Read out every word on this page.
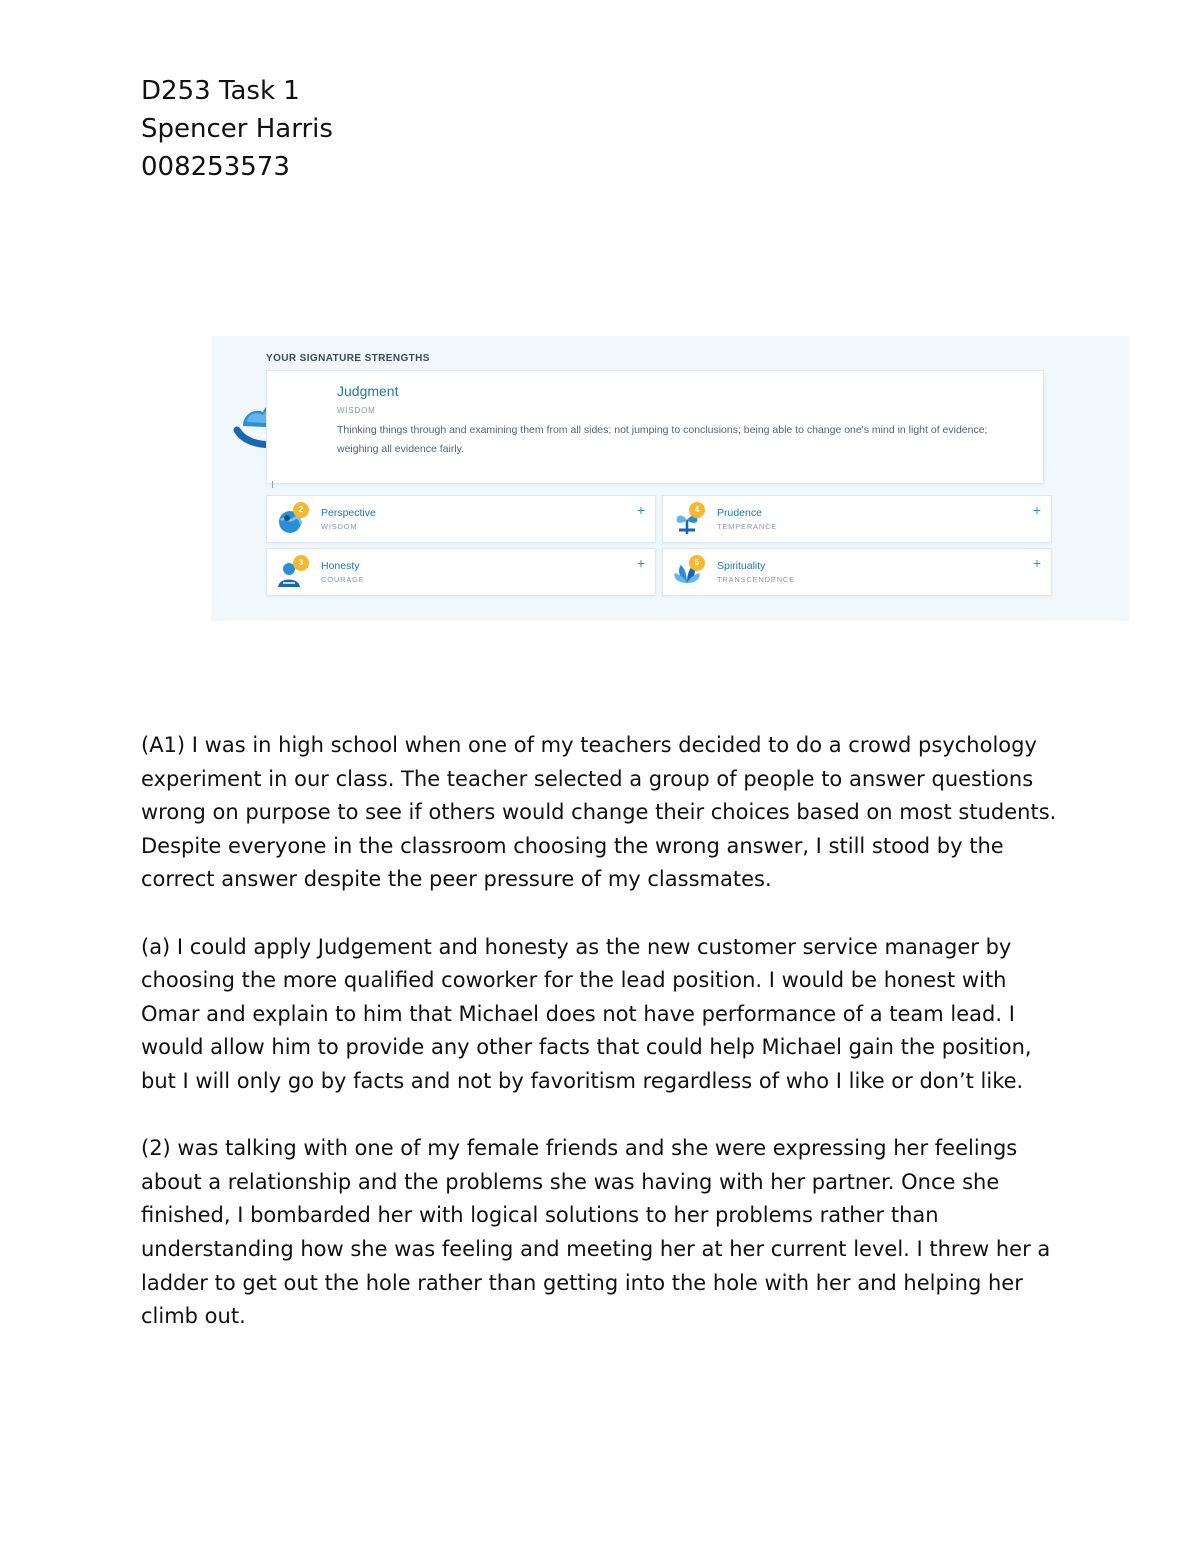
D253 Task 1
Spencer Harris
008253573
YOUR SIGNATURE STRENGTHS
Judgment
WISDOM
Thinking things through and examining them from all sides; not jumping to conclusions; being able to change one's mind in light of evidence; weighing all evidence fairly.
2	Perspective
WISDOM
+	4	Prudence
TEMPERANCE
+
3	Honesty
COURAGE
+	5	Spirituality
TRANSCENDENCE
+

(A1) I was in high school when one of my teachers decided to do a crowd psychology experiment in our class. The teacher selected a group of people to answer questions wrong on purpose to see if others would change their choices based on most students. Despite everyone in the classroom choosing the wrong answer, I still stood by the correct answer despite the peer pressure of my classmates.

(a) I could apply Judgement and honesty as the new customer service manager by choosing the more qualified coworker for the lead position. I would be honest with Omar and explain to him that Michael does not have performance of a team lead. I would allow him to provide any other facts that could help Michael gain the position, but I will only go by facts and not by favoritism regardless of who I like or don’t like.

(2) was talking with one of my female friends and she were expressing her feelings about a relationship and the problems she was having with her partner. Once she finished, I bombarded her with logical solutions to her problems rather than understanding how she was feeling and meeting her at her current level. I threw her a ladder to get out the hole rather than getting into the hole with her and helping her climb out.
